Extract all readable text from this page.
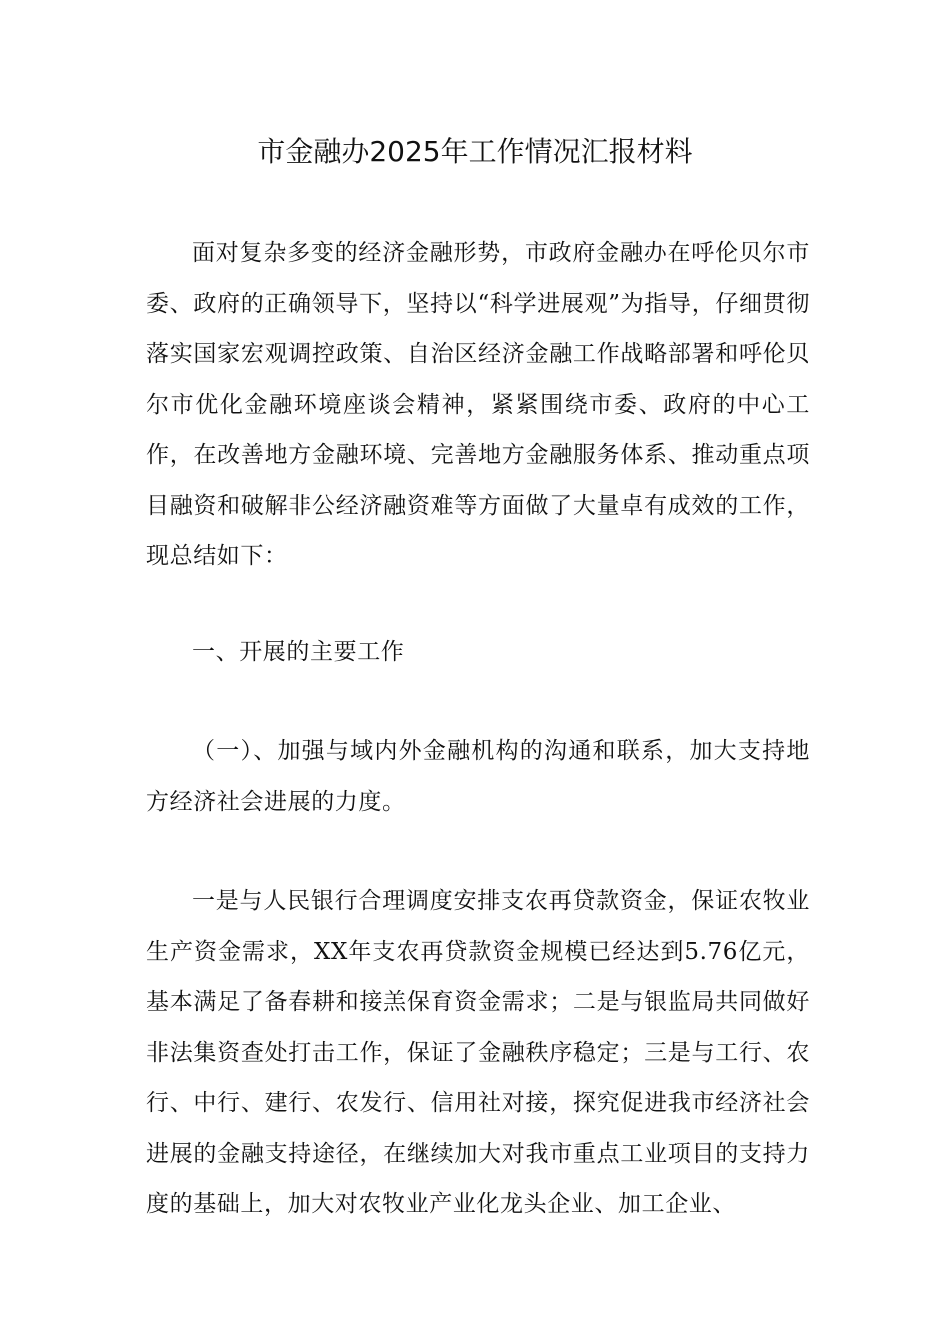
市金融办2025年工作情况汇报材料

面对复杂多变的经济金融形势，市政府金融办在呼伦贝尔市委、政府的正确领导下，坚持以“科学进展观”为指导，仔细贯彻落实国家宏观调控政策、自治区经济金融工作战略部署和呼伦贝尔市优化金融环境座谈会精神，紧紧围绕市委、政府的中心工作，在改善地方金融环境、完善地方金融服务体系、推动重点项目融资和破解非公经济融资难等方面做了大量卓有成效的工作，现总结如下：

一、开展的主要工作

（一）、加强与域内外金融机构的沟通和联系，加大支持地方经济社会进展的力度。

一是与人民银行合理调度安排支农再贷款资金，保证农牧业生产资金需求，XX年支农再贷款资金规模已经达到5.76亿元，基本满足了备春耕和接羔保育资金需求；二是与银监局共同做好非法集资查处打击工作，保证了金融秩序稳定；三是与工行、农行、中行、建行、农发行、信用社对接，探究促进我市经济社会进展的金融支持途径，在继续加大对我市重点工业项目的支持力度的基础上，加大对农牧业产业化龙头企业、加工企业、
